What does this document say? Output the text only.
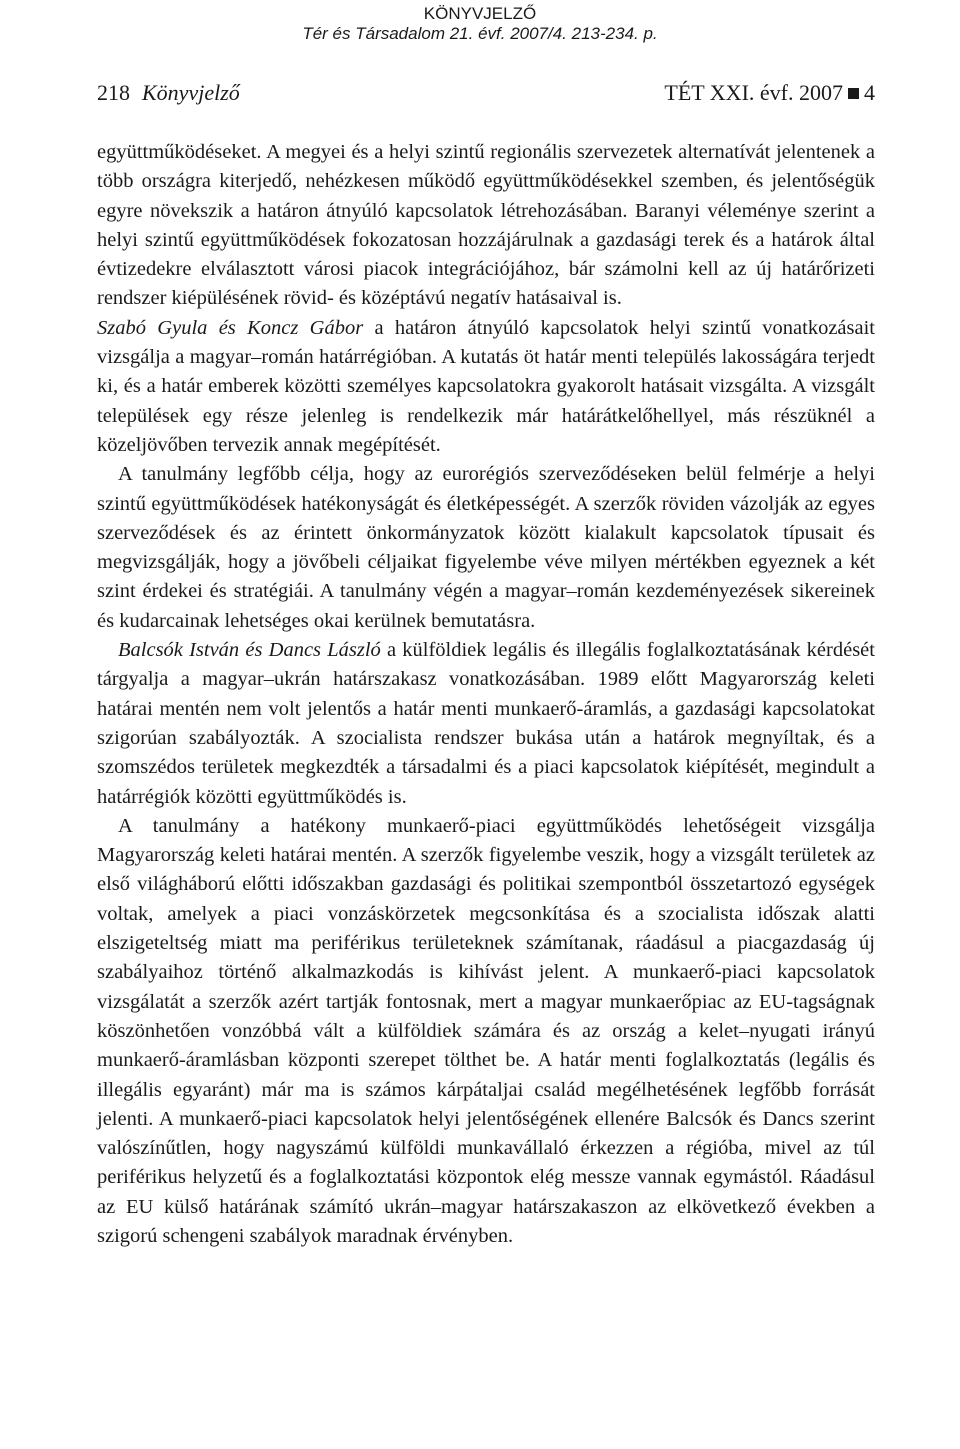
KÖNYVJELZŐ
Tér és Társadalom 21. évf. 2007/4. 213-234. p.
218 Könyvjelző	TÉT XXI. évf. 2007 4

együttműködéseket. A megyei és a helyi szintű regionális szervezetek alternatívát jelentenek a több országra kiterjedő, nehézkesen működő együttműködésekkel szemben, és jelentőségük egyre növekszik a határon átnyúló kapcsolatok létrehozásában. Baranyi véleménye szerint a helyi szintű együttműködések fokozatosan hozzájárulnak a gazdasági terek és a határok által évtizedekre elválasztott városi piacok integrációjához, bár számolni kell az új határőrizeti rendszer kiépülésének rövid- és középtávú negatív hatásaival is.

Szabó Gyula és Koncz Gábor a határon átnyúló kapcsolatok helyi szintű vonatkozásait vizsgálja a magyar–román határrégióban. A kutatás öt határ menti település lakosságára terjedt ki, és a határ emberek közötti személyes kapcsolatokra gyakorolt hatásait vizsgálta. A vizsgált települések egy része jelenleg is rendelkezik már határátkelőhellyel, más részüknél a közeljövőben tervezik annak megépítését.

A tanulmány legfőbb célja, hogy az eurorégiós szerveződéseken belül felmérje a helyi szintű együttműködések hatékonyságát és életképességét. A szerzők röviden vázolják az egyes szerveződések és az érintett önkormányzatok között kialakult kapcsolatok típusait és megvizsgálják, hogy a jövőbeli céljaikat figyelembe véve milyen mértékben egyeznek a két szint érdekei és stratégiái. A tanulmány végén a magyar–román kezdeményezések sikereinek és kudarcainak lehetséges okai kerülnek bemutatásra.

Balcsók István és Dancs László a külföldiek legális és illegális foglalkoztatásának kérdését tárgyalja a magyar–ukrán határszakasz vonatkozásában. 1989 előtt Magyarország keleti határai mentén nem volt jelentős a határ menti munkaerő-áramlás, a gazdasági kapcsolatokat szigorúan szabályozták. A szocialista rendszer bukása után a határok megnyíltak, és a szomszédos területek megkezdték a társadalmi és a piaci kapcsolatok kiépítését, megindult a határrégiók közötti együttműködés is.

A tanulmány a hatékony munkaerő-piaci együttműködés lehetőségeit vizsgálja Magyarország keleti határai mentén. A szerzők figyelembe veszik, hogy a vizsgált területek az első világháború előtti időszakban gazdasági és politikai szempontból összetartozó egységek voltak, amelyek a piaci vonzáskörzetek megcsonkítása és a szocialista időszak alatti elszigeteltség miatt ma periférikus területeknek számítanak, ráadásul a piacgazdaság új szabályaihoz történő alkalmazkodás is kihívást jelent. A munkaerő-piaci kapcsolatok vizsgálatát a szerzők azért tartják fontosnak, mert a magyar munkaerőpiac az EU-tagságnak köszönhetően vonzóbbá vált a külföldiek számára és az ország a kelet–nyugati irányú munkaerő-áramlásban központi szerepet tölthet be. A határ menti foglalkoztatás (legális és illegális egyaránt) már ma is számos kárpátaljai család megélhetésének legfőbb forrását jelenti. A munkaerő-piaci kapcsolatok helyi jelentőségének ellenére Balcsók és Dancs szerint valószínűtlen, hogy nagyszámú külföldi munkavállaló érkezzen a régióba, mivel az túl periférikus helyzetű és a foglalkoztatási központok elég messze vannak egymástól. Ráadásul az EU külső határának számító ukrán–magyar határszakaszon az elkövetkező években a szigorú schengeni szabályok maradnak érvényben.
